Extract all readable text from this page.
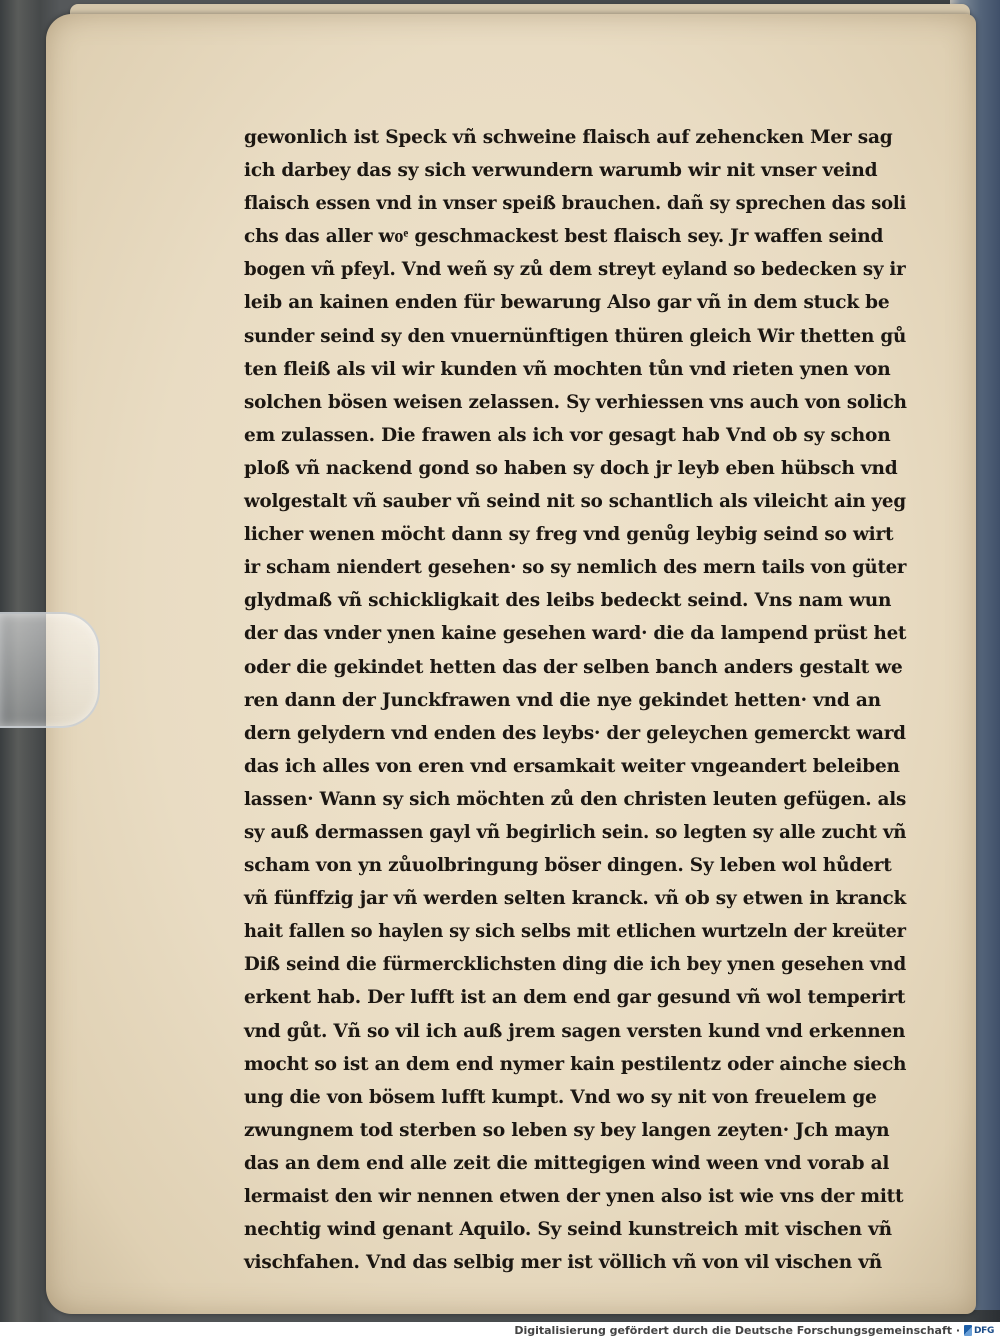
gewonlich ist Speck vñ schweine flaisch auf zehencken Mer sag
ich darbey das sy sich verwundern warumb wir nit vnser veind
flaisch essen vnd in vnser speiß brauchen. dañ sy sprechen das soli
chs das aller woͤ geschmackest best flaisch sey. Jr waffen seind
bogen vñ pfeyl. Vnd weñ sy zů dem streyt eyland so bedecken sy ir
leib an kainen enden für bewarung Also gar vñ in dem stuck be
sunder seind sy den vnuernünftigen thüren gleich Wir thetten gů
ten fleiß als vil wir kunden vñ mochten tůn vnd rieten ynen von
solchen bösen weisen zelassen. Sy verhiessen vns auch von solich
em zulassen. Die frawen als ich vor gesagt hab Vnd ob sy schon
ploß vñ nackend gond so haben sy doch jr leyb eben hübsch vnd
wolgestalt vñ sauber vñ seind nit so schantlich als vileicht ain yeg
licher wenen möcht dann sy freg vnd genůg leybig seind so wirt
ir scham niendert gesehen· so sy nemlich des mern tails von güter
glydmaß vñ schickligkait des leibs bedeckt seind. Vns nam wun
der das vnder ynen kaine gesehen ward· die da lampend prüst het
oder die gekindet hetten das der selben banch anders gestalt we
ren dann der Junckfrawen vnd die nye gekindet hetten· vnd an
dern gelydern vnd enden des leybs· der geleychen gemerckt ward
das ich alles von eren vnd ersamkait weiter vngeandert beleiben
lassen· Wann sy sich möchten zů den christen leuten gefügen. als
sy auß dermassen gayl vñ begirlich sein. so legten sy alle zucht vñ
scham von yn zůuolbringung böser dingen. Sy leben wol hůdert
vñ fünffzig jar vñ werden selten kranck. vñ ob sy etwen in kranck
hait fallen so haylen sy sich selbs mit etlichen wurtzeln der kreüter
Diß seind die fürmercklichsten ding die ich bey ynen gesehen vnd
erkent hab. Der lufft ist an dem end gar gesund vñ wol temperirt
vnd gůt. Vñ so vil ich auß jrem sagen versten kund vnd erkennen
mocht so ist an dem end nymer kain pestilentz oder ainche siech
ung die von bösem lufft kumpt. Vnd wo sy nit von freuelem ge
zwungnem tod sterben so leben sy bey langen zeyten· Jch mayn
das an dem end alle zeit die mittegigen wind ween vnd vorab al
lermaist den wir nennen etwen der ynen also ist wie vns der mitt
nechtig wind genant Aquilo. Sy seind kunstreich mit vischen vñ
vischfahen. Vnd das selbig mer ist völlich vñ von vil vischen vñ
Digitalisierung gefördert durch die Deutsche Forschungsgemeinschaft · DFG
